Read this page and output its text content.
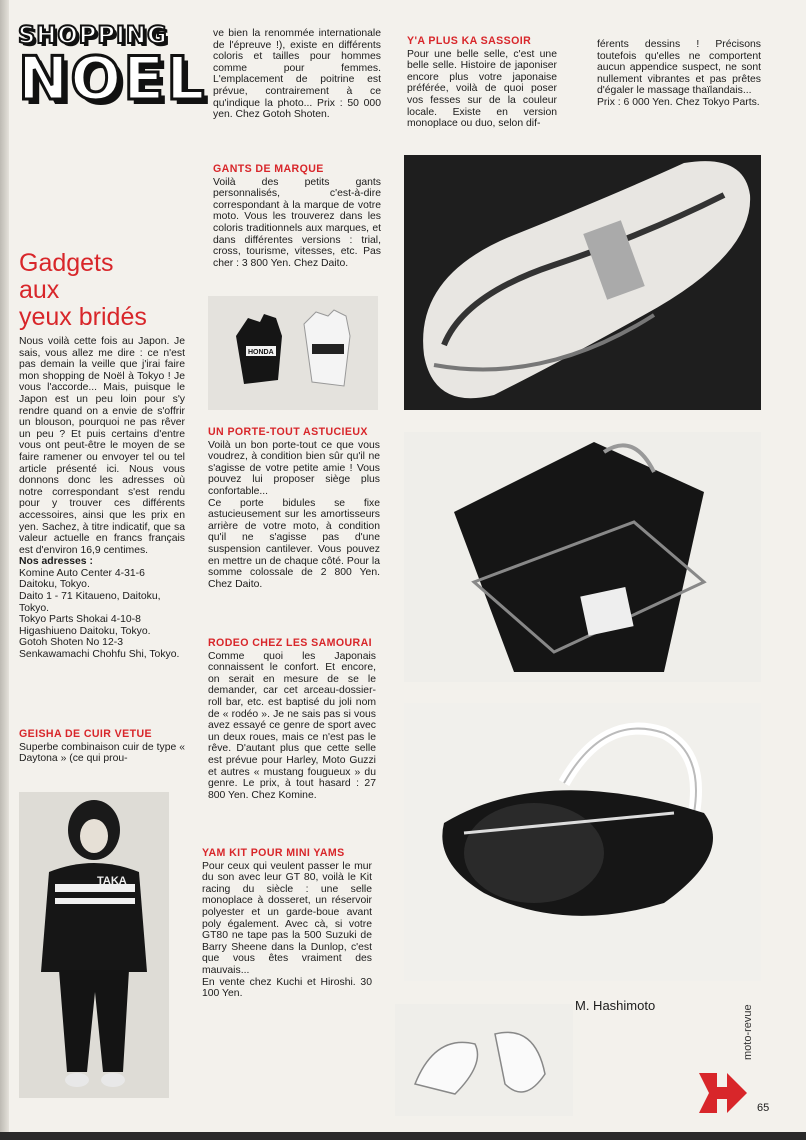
SHOPPING
NOEL
Gadgets
aux
yeux bridés

Nous voilà cette fois au Japon. Je sais, vous allez me dire : ce n'est pas demain la veille que j'irai faire mon shopping de Noël à Tokyo ! Je vous l'accorde... Mais, puisque le Japon est un peu loin pour s'y rendre quand on a envie de s'offrir un blouson, pourquoi ne pas rêver un peu ? Et puis certains d'entre vous ont peut-être le moyen de se faire ramener ou envoyer tel ou tel article présenté ici. Nous vous donnons donc les adresses où notre correspondant s'est rendu pour y trouver ces différents accessoires, ainsi que les prix en yen. Sachez, à titre indicatif, que sa valeur actuelle en francs français est d'environ 16,9 centimes.

Nos adresses :

Komine Auto Center 4-31-6 Daitoku, Tokyo.

Daito 1 - 71 Kitaueno, Daitoku, Tokyo.

Tokyo Parts Shokai 4-10-8 Higashiueno Daitoku, Tokyo.

Gotoh Shoten No 12-3 Senkawamachi Chohfu Shi, Tokyo.

GEISHA DE CUIR VETUE

Superbe combinaison cuir de type « Daytona » (ce qui prou-

TAKA

ve bien la renommée internationale de l'épreuve !), existe en différents coloris et tailles pour hommes comme pour femmes. L'emplacement de poitrine est prévue, contrairement à ce qu'indique la photo... Prix : 50 000 yen. Chez Gotoh Shoten.

GANTS DE MARQUE

Voilà des petits gants personnalisés, c'est-à-dire correspondant à la marque de votre moto. Vous les trouverez dans les coloris traditionnels aux marques, et dans différentes versions : trial, cross, tourisme, vitesses, etc. Pas cher : 3 800 Yen. Chez Daito.

HONDA
UN PORTE-TOUT ASTUCIEUX

Voilà un bon porte-tout ce que vous voudrez, à condition bien sûr qu'il ne s'agisse de votre petite amie ! Vous pouvez lui proposer siège plus confortable...

Ce porte bidules se fixe astucieusement sur les amortisseurs arrière de votre moto, à condition qu'il ne s'agisse pas d'une suspension cantilever. Vous pouvez en mettre un de chaque côté. Pour la somme colossale de 2 800 Yen. Chez Daito.

RODEO CHEZ LES SAMOURAI

Comme quoi les Japonais connaissent le confort. Et encore, on serait en mesure de se le demander, car cet arceau-dossier-roll bar, etc. est baptisé du joli nom de « rodéo ». Je ne sais pas si vous avez essayé ce genre de sport avec un deux roues, mais ce n'est pas le rêve. D'autant plus que cette selle est prévue pour Harley, Moto Guzzi et autres « mustang fougueux » du genre. Le prix, à tout hasard : 27 800 Yen. Chez Komine.

YAM KIT POUR MINI YAMS

Pour ceux qui veulent passer le mur du son avec leur GT 80, voilà le Kit racing du siècle : une selle monoplace à dosseret, un réservoir polyester et un garde-boue avant poly également. Avec cà, si votre GT80 ne tape pas la 500 Suzuki de Barry Sheene dans la Dunlop, c'est que vous êtes vraiment des mauvais...

En vente chez Kuchi et Hiroshi. 30 100 Yen.

Y'A PLUS KA SASSOIR

Pour une belle selle, c'est une belle selle. Histoire de japoniser encore plus votre japonaise préférée, voilà de quoi poser vos fesses sur de la couleur locale. Existe en version monoplace ou duo, selon dif-

férents dessins ! Précisons toutefois qu'elles ne comportent aucun appendice suspect, ne sont nullement vibrantes et pas prêtes d'égaler le massage thaïlandais...

Prix : 6 000 Yen. Chez Tokyo Parts.

M. Hashimoto	moto-revue
65
